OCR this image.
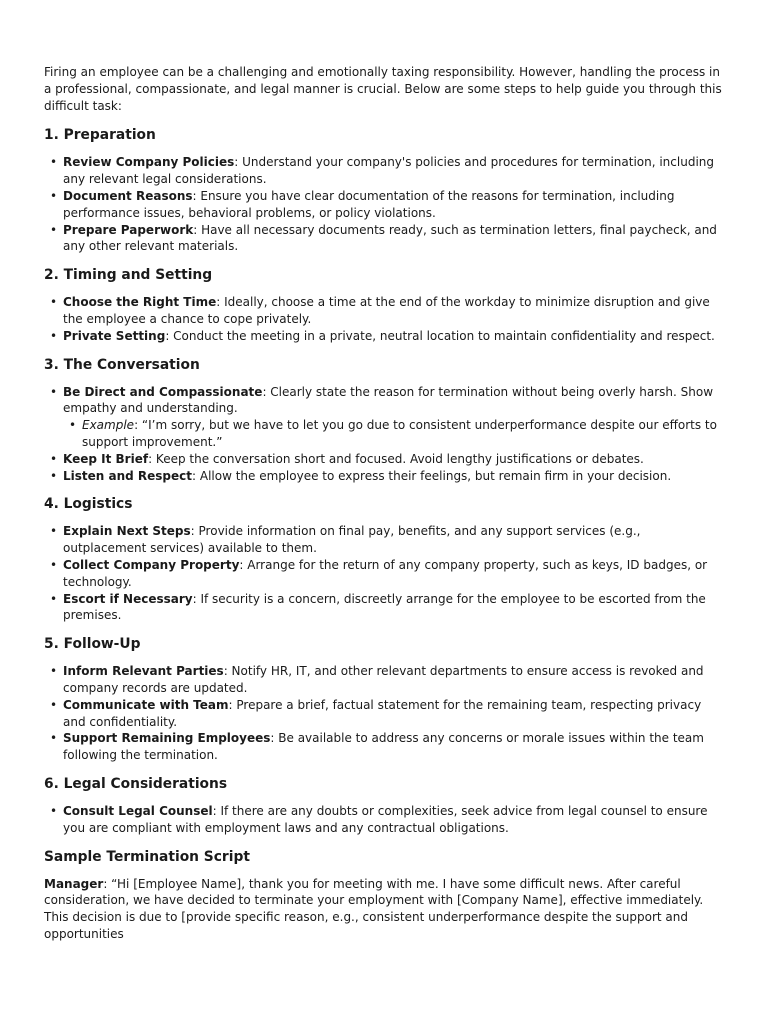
Firing an employee can be a challenging and emotionally taxing responsibility. However, handling the process in a professional, compassionate, and legal manner is crucial. Below are some steps to help guide you through this difficult task:

1. Preparation
• Review Company Policies: Understand your company's policies and procedures for termination, including any relevant legal considerations.
• Document Reasons: Ensure you have clear documentation of the reasons for termination, including performance issues, behavioral problems, or policy violations.
• Prepare Paperwork: Have all necessary documents ready, such as termination letters, final paycheck, and any other relevant materials.
2. Timing and Setting
• Choose the Right Time: Ideally, choose a time at the end of the workday to minimize disruption and give the employee a chance to cope privately.
• Private Setting: Conduct the meeting in a private, neutral location to maintain confidentiality and respect.
3. The Conversation
• Be Direct and Compassionate: Clearly state the reason for termination without being overly harsh. Show empathy and understanding.
• Example: “I’m sorry, but we have to let you go due to consistent underperformance despite our efforts to support improvement.”
• Keep It Brief: Keep the conversation short and focused. Avoid lengthy justifications or debates.
• Listen and Respect: Allow the employee to express their feelings, but remain firm in your decision.
4. Logistics
• Explain Next Steps: Provide information on final pay, benefits, and any support services (e.g., outplacement services) available to them.
• Collect Company Property: Arrange for the return of any company property, such as keys, ID badges, or technology.
• Escort if Necessary: If security is a concern, discreetly arrange for the employee to be escorted from the premises.
5. Follow-Up
• Inform Relevant Parties: Notify HR, IT, and other relevant departments to ensure access is revoked and company records are updated.
• Communicate with Team: Prepare a brief, factual statement for the remaining team, respecting privacy and confidentiality.
• Support Remaining Employees: Be available to address any concerns or morale issues within the team following the termination.
6. Legal Considerations
• Consult Legal Counsel: If there are any doubts or complexities, seek advice from legal counsel to ensure you are compliant with employment laws and any contractual obligations.
Sample Termination Script

Manager: “Hi [Employee Name], thank you for meeting with me. I have some difficult news. After careful consideration, we have decided to terminate your employment with [Company Name], effective immediately. This decision is due to [provide specific reason, e.g., consistent underperformance despite the support and opportunities
